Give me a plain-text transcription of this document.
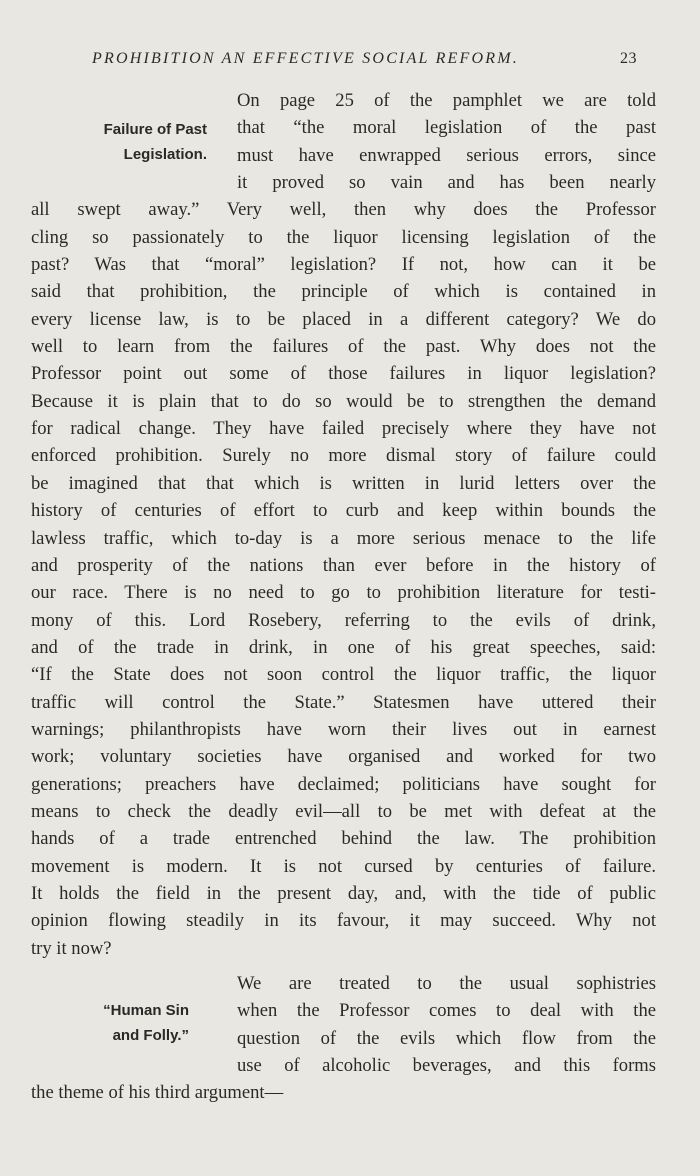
PROHIBITION AN EFFECTIVE SOCIAL REFORM.	23
Failure of Past
Legislation.
On page 25 of the pamphlet we are told
that “the moral legislation of the past
must have enwrapped serious errors, since
it proved so vain and has been nearly
all swept away.” Very well, then why does the Professor
cling so passionately to the liquor licensing legislation of the
past? Was that “moral” legislation? If not, how can it be
said that prohibition, the principle of which is contained in
every license law, is to be placed in a different category? We do
well to learn from the failures of the past. Why does not the
Professor point out some of those failures in liquor legislation?
Because it is plain that to do so would be to strengthen the demand
for radical change. They have failed precisely where they have not
enforced prohibition. Surely no more dismal story of failure could
be imagined that that which is written in lurid letters over the
history of centuries of effort to curb and keep within bounds the
lawless traffic, which to-day is a more serious menace to the life
and prosperity of the nations than ever before in the history of
our race. There is no need to go to prohibition literature for testi-
mony of this. Lord Rosebery, referring to the evils of drink,
and of the trade in drink, in one of his great speeches, said:
“If the State does not soon control the liquor traffic, the liquor
traffic will control the State.” Statesmen have uttered their
warnings; philanthropists have worn their lives out in earnest
work; voluntary societies have organised and worked for two
generations; preachers have declaimed; politicians have sought for
means to check the deadly evil—all to be met with defeat at the
hands of a trade entrenched behind the law. The prohibition
movement is modern. It is not cursed by centuries of failure.
It holds the field in the present day, and, with the tide of public
opinion flowing steadily in its favour, it may succeed. Why not
try it now?
“Human Sin
and Folly.”
We are treated to the usual sophistries
when the Professor comes to deal with the
question of the evils which flow from the
use of alcoholic beverages, and this forms
the theme of his third argument—
